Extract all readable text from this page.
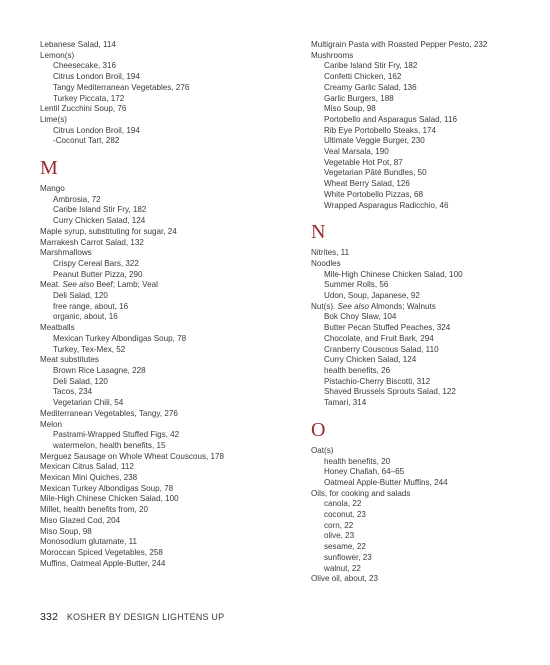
Lebanese Salad, 114
Lemon(s)
Cheesecake, 316
Citrus London Broil, 194
Tangy Mediterranean Vegetables, 276
Turkey Piccata, 172
Lentil Zucchini Soup, 76
Lime(s)
Citrus London Broil, 194
-Coconut Tart, 282
M
Mango
Ambrosia, 72
Caribe Island Stir Fry, 182
Curry Chicken Salad, 124
Maple syrup, substituting for sugar, 24
Marrakesh Carrot Salad, 132
Marshmallows
Crispy Cereal Bars, 322
Peanut Butter Pizza, 290
Meat. See also Beef; Lamb; Veal
Deli Salad, 120
free range, about, 16
organic, about, 16
Meatballs
Mexican Turkey Albondigas Soup, 78
Turkey, Tex-Mex, 52
Meat substitutes
Brown Rice Lasagne, 228
Deli Salad, 120
Tacos, 234
Vegetarian Chili, 54
Mediterranean Vegetables, Tangy, 276
Melon
Pastrami-Wrapped Stuffed Figs, 42
watermelon, health benefits, 15
Merguez Sausage on Whole Wheat Couscous, 178
Mexican Citrus Salad, 112
Mexican Mini Quiches, 238
Mexican Turkey Albondigas Soup, 78
Mile-High Chinese Chicken Salad, 100
Millet, health benefits from, 20
Miso Glazed Cod, 204
Miso Soup, 98
Monosodium glutamate, 11
Moroccan Spiced Vegetables, 258
Muffins, Oatmeal Apple-Butter, 244
Multigrain Pasta with Roasted Pepper Pesto, 232
Mushrooms
Caribe Island Stir Fry, 182
Confetti Chicken, 162
Creamy Garlic Salad, 136
Garlic Burgers, 188
Miso Soup, 98
Portobello and Asparagus Salad, 116
Rib Eye Portobello Steaks, 174
Ultimate Veggie Burger, 230
Veal Marsala, 190
Vegetable Hot Pot, 87
Vegetarian Pâté Bundles, 50
Wheat Berry Salad, 126
White Portobello Pizzas, 68
Wrapped Asparagus Radicchio, 46
N
Nitrites, 11
Noodles
Mile-High Chinese Chicken Salad, 100
Summer Rolls, 56
Udon, Soup, Japanese, 92
Nut(s). See also Almonds; Walnuts
Bok Choy Slaw, 104
Butter Pecan Stuffed Peaches, 324
Chocolate, and Fruit Bark, 294
Cranberry Couscous Salad, 110
Curry Chicken Salad, 124
health benefits, 26
Pistachio-Cherry Biscotti, 312
Shaved Brussels Sprouts Salad, 122
Tamari, 314
O
Oat(s)
health benefits, 20
Honey Challah, 64–65
Oatmeal Apple-Butter Muffins, 244
Oils, for cooking and salads
canola, 22
coconut, 23
corn, 22
olive, 23
sesame, 22
sunflower, 23
walnut, 22
Olive oil, about, 23
332 KOSHER BY DESIGN LIGHTENS UP
